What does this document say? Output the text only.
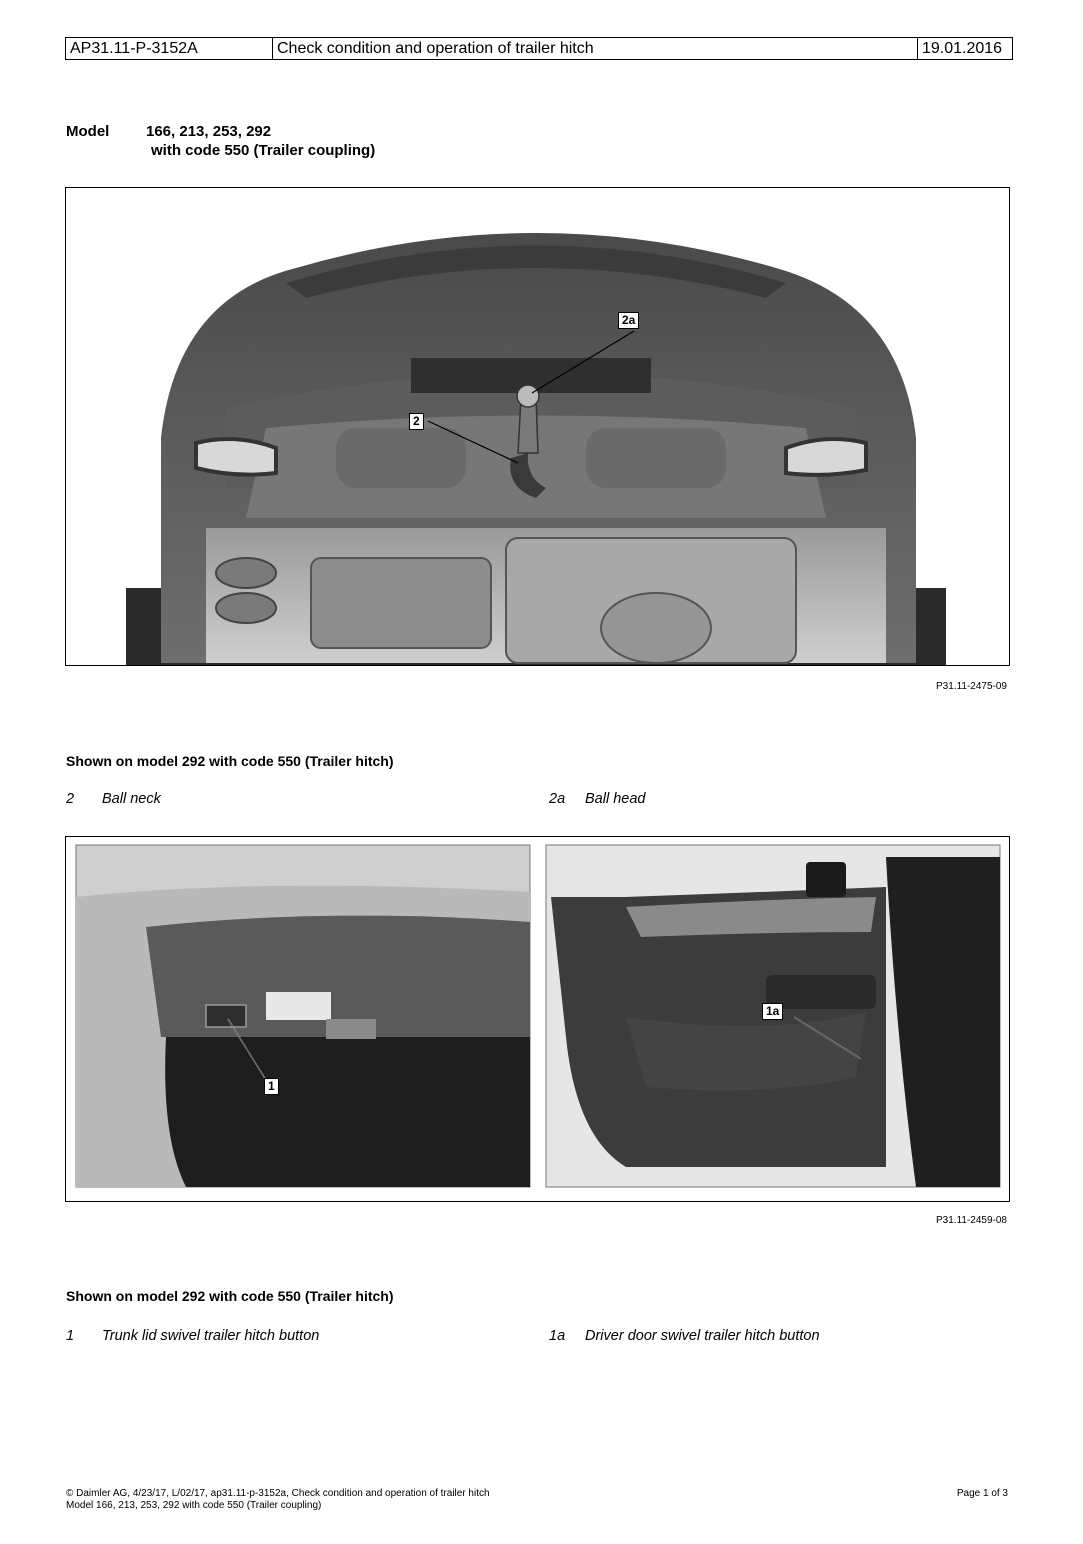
AP31.11-P-3152A	Check condition and operation of trailer hitch	19.01.2016
Model 166, 213, 253, 292
with code 550 (Trailer coupling)
2a
2
P31.11-2475-09
Shown on model 292 with code 550 (Trailer hitch)
2 Ball neck	2a Ball head
1
1a
P31.11-2459-08
Shown on model 292 with code 550 (Trailer hitch)
1 Trunk lid swivel trailer hitch button	1a Driver door swivel trailer hitch button
© Daimler AG, 4/23/17, L/02/17, ap31.11-p-3152a, Check condition and operation of trailer hitch
Model 166, 213, 253, 292 with code 550 (Trailer coupling)
Page 1 of 3
